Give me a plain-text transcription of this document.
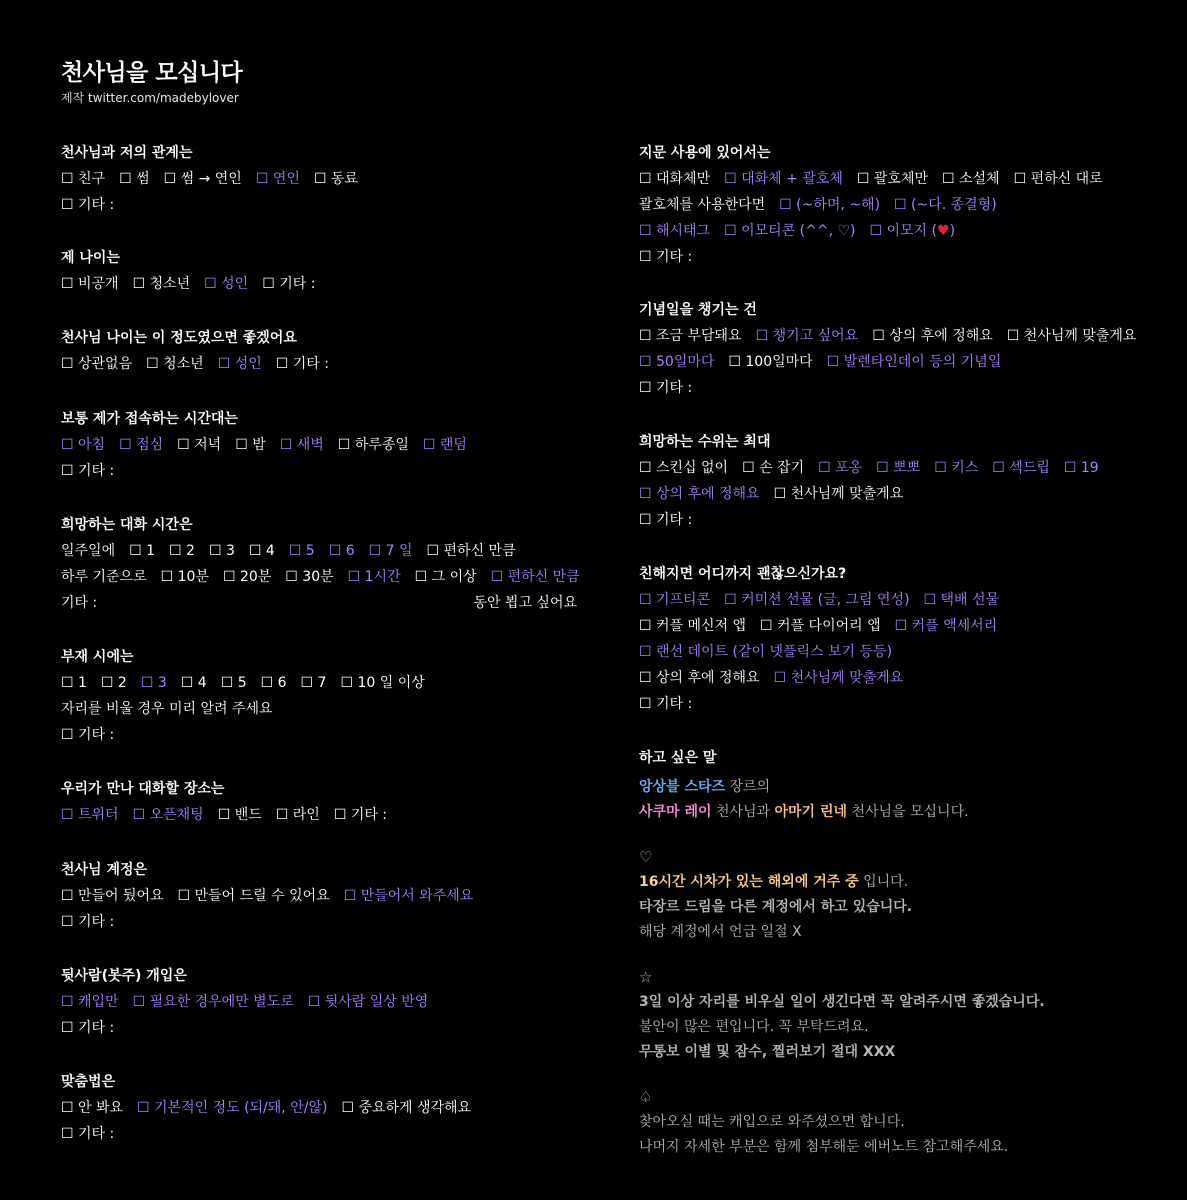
천사님을 모십니다
제작 twitter.com/madebylover
천사님과 저의 관계는
☐ 친구 ☐ 썸 ☐ 썸 → 연인 ☐ 연인 ☐ 동료
☐ 기타 :
제 나이는
☐ 비공개 ☐ 청소년 ☐ 성인 ☐ 기타 :
천사님 나이는 이 정도였으면 좋겠어요
☐ 상관없음 ☐ 청소년 ☐ 성인 ☐ 기타 :
보통 제가 접속하는 시간대는
☐ 아침 ☐ 점심 ☐ 저녁 ☐ 밤 ☐ 새벽 ☐ 하루종일 ☐ 랜덤
☐ 기타 :
희망하는 대화 시간은
일주일에 ☐ 1 ☐ 2 ☐ 3 ☐ 4 ☐ 5 ☐ 6 ☐ 7 일 ☐ 편하신 만큼
하루 기준으로 ☐ 10분 ☐ 20분 ☐ 30분 ☐ 1시간 ☐ 그 이상 ☐ 편하신 만큼
기타 :	동안 뵙고 싶어요
부재 시에는
☐ 1 ☐ 2 ☐ 3 ☐ 4 ☐ 5 ☐ 6 ☐ 7 ☐ 10 일 이상
자리를 비울 경우 미리 알려 주세요
☐ 기타 :
우리가 만나 대화할 장소는
☐ 트위터 ☐ 오픈채팅 ☐ 밴드 ☐ 라인 ☐ 기타 :
천사님 계정은
☐ 만들어 뒀어요 ☐ 만들어 드릴 수 있어요 ☐ 만들어서 와주세요
☐ 기타 :
뒷사람(봇주) 개입은
☐ 캐입만 ☐ 필요한 경우에만 별도로 ☐ 뒷사람 일상 반영
☐ 기타 :
맞춤법은
☐ 안 봐요 ☐ 기본적인 정도 (되/돼, 안/않) ☐ 중요하게 생각해요
☐ 기타 :
지문 사용에 있어서는
☐ 대화체만 ☐ 대화체 + 괄호체 ☐ 괄호체만 ☐ 소설체 ☐ 편하신 대로
괄호체를 사용한다면 ☐ (~하며, ~해) ☐ (~다. 종결형)
☐ 해시태그 ☐ 이모티콘 (^^, ♡) ☐ 이모지 (♥)
☐ 기타 :
기념일을 챙기는 건
☐ 조금 부담돼요 ☐ 챙기고 싶어요 ☐ 상의 후에 정해요 ☐ 천사님께 맞출게요
☐ 50일마다 ☐ 100일마다 ☐ 발렌타인데이 등의 기념일
☐ 기타 :
희망하는 수위는 최대
☐ 스킨십 없이 ☐ 손 잡기 ☐ 포옹 ☐ 뽀뽀 ☐ 키스 ☐ 섹드립 ☐ 19
☐ 상의 후에 정해요 ☐ 천사님께 맞출게요
☐ 기타 :
친해지면 어디까지 괜찮으신가요?
☐ 기프티콘 ☐ 커미션 선물 (글, 그림 연성) ☐ 택배 선물
☐ 커플 메신저 앱 ☐ 커플 다이어리 앱 ☐ 커플 액세서리
☐ 랜선 데이트 (같이 넷플릭스 보기 등등)
☐ 상의 후에 정해요 ☐ 천사님께 맞출게요
☐ 기타 :
하고 싶은 말
앙상블 스타즈 장르의
사쿠마 레이 천사님과 아마기 린네 천사님을 모십니다.
♡
16시간 시차가 있는 해외에 거주 중 입니다.
타장르 드림을 다른 계정에서 하고 있습니다.
해당 계정에서 언급 일절 X
☆
3일 이상 자리를 비우실 일이 생긴다면 꼭 알려주시면 좋겠습니다.
불안이 많은 편입니다. 꼭 부탁드려요.
무통보 이별 및 잠수, 찔러보기 절대 XXX
♤
찾아오실 때는 캐입으로 와주셨으면 합니다.
나머지 자세한 부분은 함께 첨부해둔 에버노트 참고해주세요.
